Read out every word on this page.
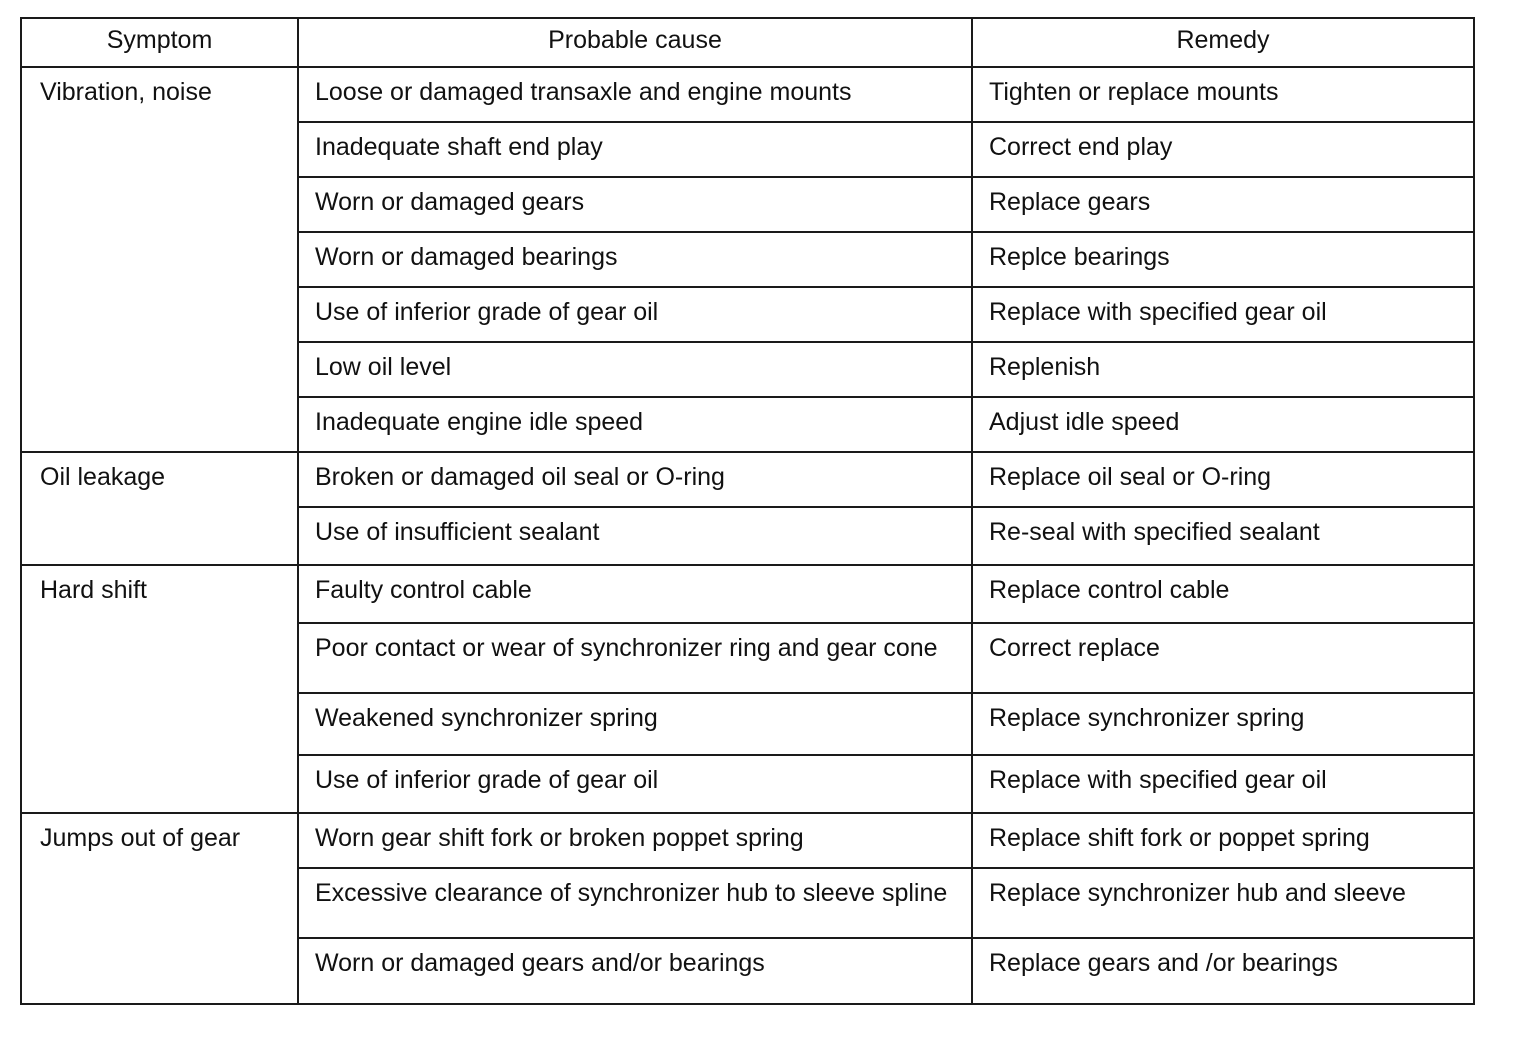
Symptom	Probable cause	Remedy
Vibration, noise	Loose or damaged transaxle and engine mounts	Tighten or replace mounts
	Inadequate shaft end play	Correct end play
	Worn or damaged gears	Replace gears
	Worn or damaged bearings	Replce bearings
	Use of inferior grade of gear oil	Replace with specified gear oil
	Low oil level	Replenish
	Inadequate engine idle speed	Adjust idle speed
Oil leakage	Broken or damaged oil seal or O-ring	Replace oil seal or O-ring
	Use of insufficient sealant	Re-seal with specified sealant
Hard shift	Faulty control cable	Replace control cable
	Poor contact or wear of synchronizer ring and gear cone	Correct replace
	Weakened synchronizer spring	Replace synchronizer spring
	Use of inferior grade of gear oil	Replace with specified gear oil
Jumps out of gear	Worn gear shift fork or broken poppet spring	Replace shift fork or poppet spring
	Excessive clearance of synchronizer hub to sleeve spline	Replace synchronizer hub and sleeve
	Worn or damaged gears and/or bearings	Replace gears and /or bearings
